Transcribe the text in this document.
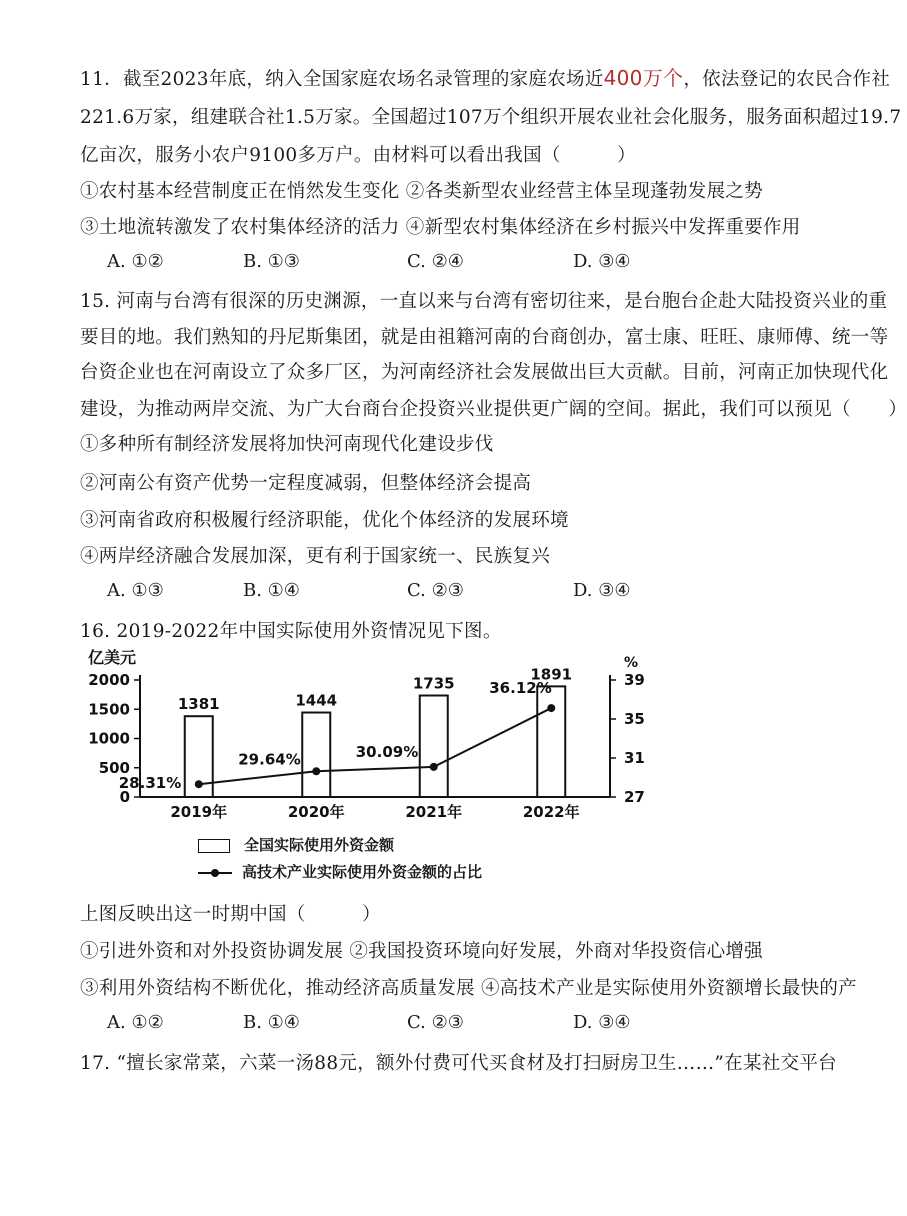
11．截至2023年底，纳入全国家庭农场名录管理的家庭农场近400万个，依法登记的农民合作社
221.6万家，组建联合社1.5万家。全国超过107万个组织开展农业社会化服务，服务面积超过19.7
亿亩次，服务小农户9100多万户。由材料可以看出我国（　　　）
①农村基本经营制度正在悄然发生变化 ②各类新型农业经营主体呈现蓬勃发展之势
③土地流转激发了农村集体经济的活力 ④新型农村集体经济在乡村振兴中发挥重要作用
A. ①②	B. ①③	C. ②④	D. ③④
15. 河南与台湾有很深的历史渊源，一直以来与台湾有密切往来，是台胞台企赴大陆投资兴业的重
要目的地。我们熟知的丹尼斯集团，就是由祖籍河南的台商创办，富士康、旺旺、康师傅、统一等
台资企业也在河南设立了众多厂区，为河南经济社会发展做出巨大贡献。目前，河南正加快现代化
建设，为推动两岸交流、为广大台商台企投资兴业提供更广阔的空间。据此，我们可以预见（　　）
①多种所有制经济发展将加快河南现代化建设步伐
②河南公有资产优势一定程度减弱，但整体经济会提高
③河南省政府积极履行经济职能，优化个体经济的发展环境
④两岸经济融合发展加深，更有利于国家统一、民族复兴
A. ①③	B. ①④	C. ②③	D. ③④
16. 2019-2022年中国实际使用外资情况见下图。
亿美元	%
0
500
1000
1500
2000
27
31
35
39
1381
2019年
1444
2020年
1735
2021年
1891
2022年
28.31%
29.64%	30.09%
36.12%
全国实际使用外资金额
高技术产业实际使用外资金额的占比
上图反映出这一时期中国（　　　）
①引进外资和对外投资协调发展 ②我国投资环境向好发展，外商对华投资信心增强
③利用外资结构不断优化，推动经济高质量发展 ④高技术产业是实际使用外资额增长最快的产
A. ①②	B. ①④	C. ②③	D. ③④
17. “擅长家常菜，六菜一汤88元，额外付费可代买食材及打扫厨房卫生……”在某社交平台
